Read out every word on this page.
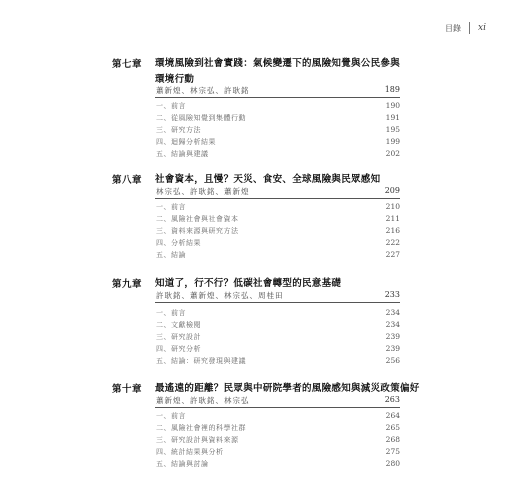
目錄 xi
第七章 環境風險到社會實踐：氣候變遷下的風險知覺與公民參與環境行動
蕭新煌、林宗弘、許耿銘	189
一、前言	190
二、從風險知覺到集體行動	191
三、研究方法	195
四、迴歸分析結果	199
五、結論與建議	202
第八章 社會資本，且慢？天災、食安、全球風險與民眾感知
林宗弘、許耿銘、蕭新煌	209
一、前言	210
二、風險社會與社會資本	211
三、資料來源與研究方法	216
四、分析結果	222
五、結論	227
第九章 知道了，行不行？低碳社會轉型的民意基礎
許耿銘、蕭新煌、林宗弘、周桂田	233
一、前言	234
二、文獻檢閱	234
三、研究設計	239
四、研究分析	239
五、結論：研究發現與建議	256
第十章 最遙遠的距離？民眾與中研院學者的風險感知與減災政策偏好
蕭新煌、許耿銘、林宗弘	263
一、前言	264
二、風險社會裡的科學社群	265
三、研究設計與資料來源	268
四、統計結果與分析	275
五、結論與討論	280
